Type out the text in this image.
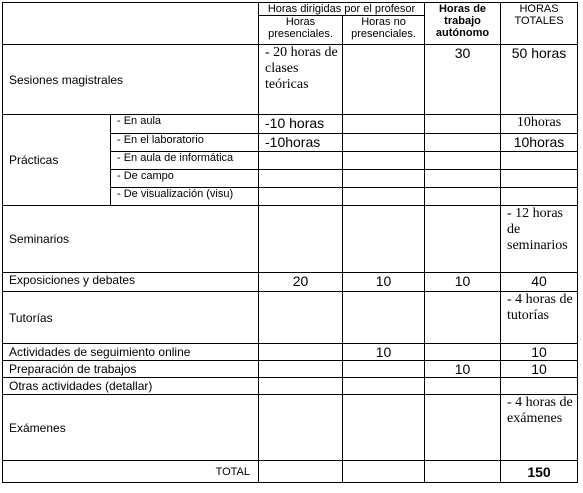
		Horas dirigidas por el profesor		Horas de trabajo autónomo	HORAS TOTALES
		Horas presenciales.	Horas no presenciales.		
Sesiones magistrales		- 20 horas de clases teóricas		30	50 horas
Prácticas	- En aula	-10 horas			10horas
	- En el laboratorio	-10horas			10horas
	- En aula de informática				
	- De campo				
	- De visualización (visu)				
Seminarios					- 12 horas de seminarios
Exposiciones y debates		20	10	10	40
Tutorías					- 4 horas de tutorías
Actividades de seguimiento online			10		10
Preparación de trabajos				10	10
Otras actividades (detallar)					
Exámenes					- 4 horas de exámenes
TOTAL					150
